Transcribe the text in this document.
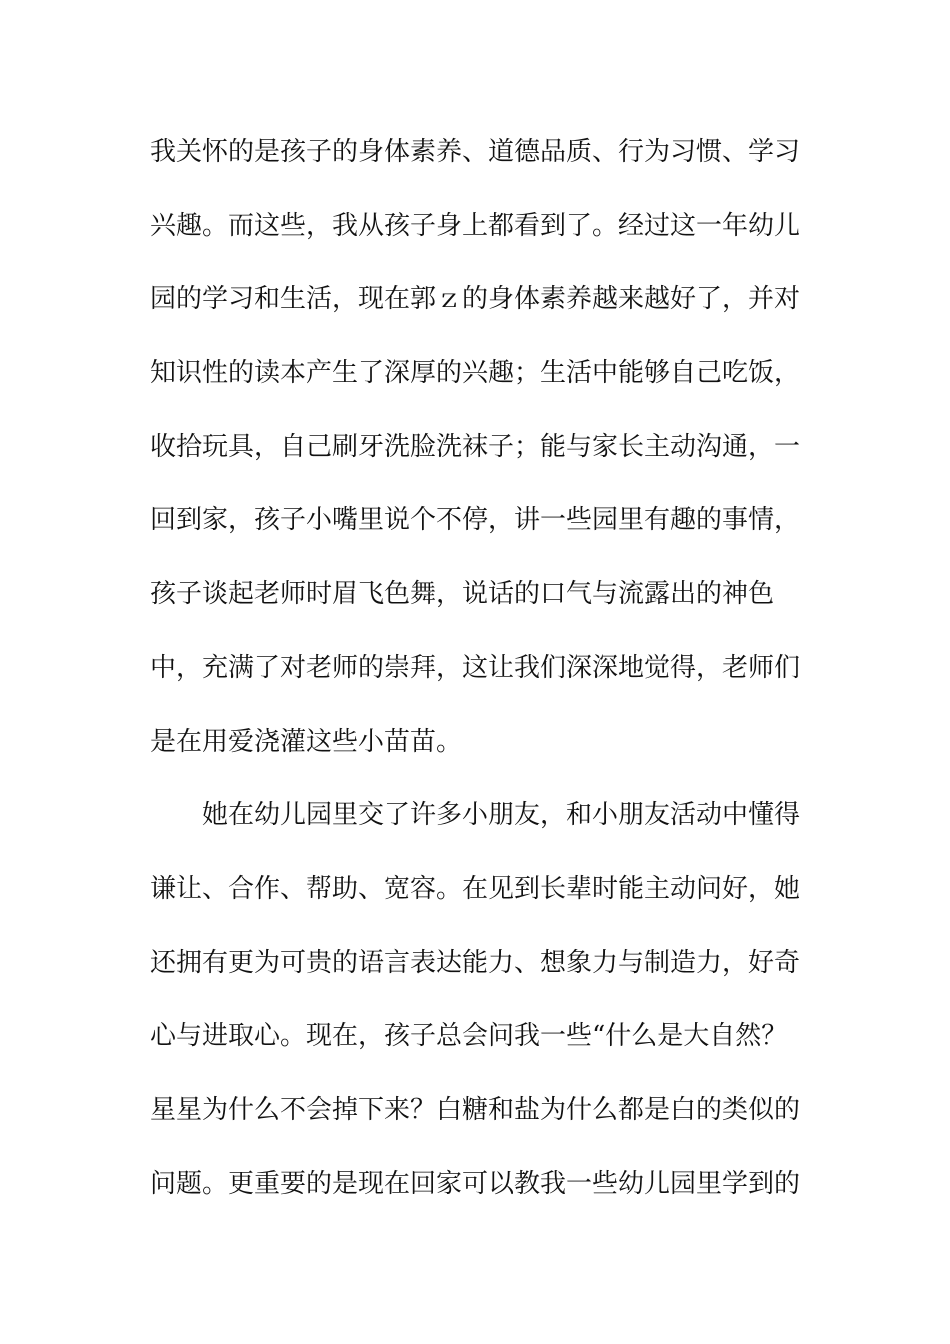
我关怀的是孩子的身体素养、道德品质、行为习惯、学习
兴趣。而这些，我从孩子身上都看到了。经过这一年幼儿
园的学习和生活，现在郭ｚ的身体素养越来越好了，并对
知识性的读本产生了深厚的兴趣；生活中能够自己吃饭，
收拾玩具，自己刷牙洗脸洗袜子；能与家长主动沟通，一
回到家，孩子小嘴里说个不停，讲一些园里有趣的事情，
孩子谈起老师时眉飞色舞，说话的口气与流露出的神色
中，充满了对老师的崇拜，这让我们深深地觉得，老师们
是在用爱浇灌这些小苗苗。
她在幼儿园里交了许多小朋友，和小朋友活动中懂得
谦让、合作、帮助、宽容。在见到长辈时能主动问好，她
还拥有更为可贵的语言表达能力、想象力与制造力，好奇
心与进取心。现在，孩子总会问我一些“什么是大自然？
星星为什么不会掉下来？白糖和盐为什么都是白的类似的
问题。更重要的是现在回家可以教我一些幼儿园里学到的
